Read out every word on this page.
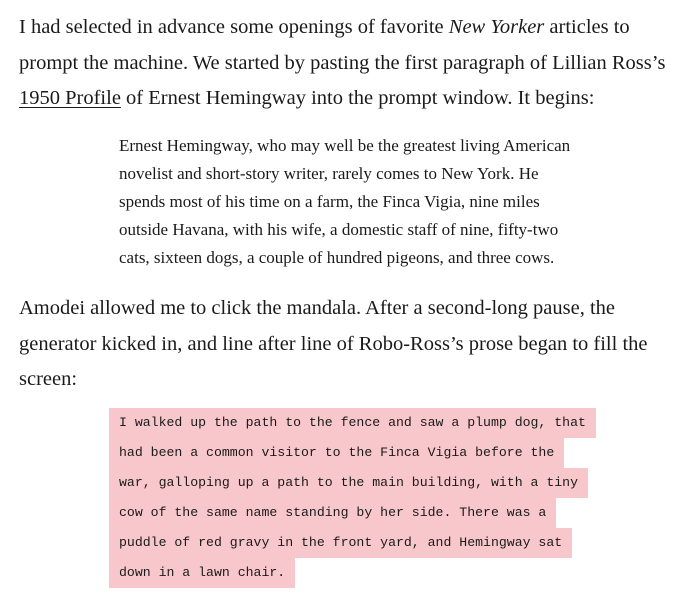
I had selected in advance some openings of favorite New Yorker articles to
prompt the machine. We started by pasting the first paragraph of Lillian Ross’s
1950 Profile of Ernest Hemingway into the prompt window. It begins:
Ernest Hemingway, who may well be the greatest living American
novelist and short-story writer, rarely comes to New York. He
spends most of his time on a farm, the Finca Vigia, nine miles
outside Havana, with his wife, a domestic staff of nine, fifty-two
cats, sixteen dogs, a couple of hundred pigeons, and three cows.
Amodei allowed me to click the mandala. After a second-long pause, the
generator kicked in, and line after line of Robo-Ross’s prose began to fill the
screen:
I walked up the path to the fence and saw a plump dog, that
had been a common visitor to the Finca Vigia before the
war, galloping up a path to the main building, with a tiny
cow of the same name standing by her side. There was a
puddle of red gravy in the front yard, and Hemingway sat
down in a lawn chair.
